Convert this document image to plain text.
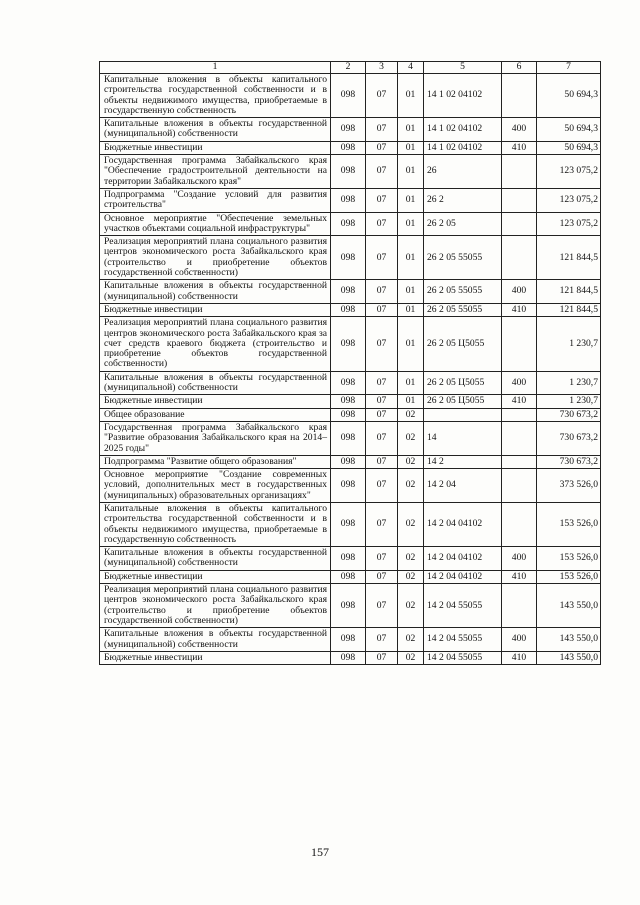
1	2	3	4	5	6	7
Капитальные вложения в объекты капитального строительства государственной собственности и в объекты недвижимого имущества, приобретаемые в государственную собственность	098	07	01	14 1 02 04102		50 694,3
Капитальные вложения в объекты государственной (муниципальной) собственности	098	07	01	14 1 02 04102	400	50 694,3
Бюджетные инвестиции	098	07	01	14 1 02 04102	410	50 694,3
Государственная программа Забайкальского края "Обеспечение градостроительной деятельности на территории Забайкальского края"	098	07	01	26		123 075,2
Подпрограмма "Создание условий для развития строительства"	098	07	01	26 2		123 075,2
Основное мероприятие "Обеспечение земельных участков объектами социальной инфраструктуры"	098	07	01	26 2 05		123 075,2
Реализация мероприятий плана социального развития центров экономического роста Забайкальского края (строительство и приобретение объектов государственной собственности)	098	07	01	26 2 05 55055		121 844,5
Капитальные вложения в объекты государственной (муниципальной) собственности	098	07	01	26 2 05 55055	400	121 844,5
Бюджетные инвестиции	098	07	01	26 2 05 55055	410	121 844,5
Реализация мероприятий плана социального развития центров экономического роста Забайкальского края за счет средств краевого бюджета (строительство и приобретение объектов государственной собственности)	098	07	01	26 2 05 Ц5055		1 230,7
Капитальные вложения в объекты государственной (муниципальной) собственности	098	07	01	26 2 05 Ц5055	400	1 230,7
Бюджетные инвестиции	098	07	01	26 2 05 Ц5055	410	1 230,7
Общее образование	098	07	02			730 673,2
Государственная программа Забайкальского края "Развитие образования Забайкальского края на 2014–2025 годы"	098	07	02	14		730 673,2
Подпрограмма "Развитие общего образования"	098	07	02	14 2		730 673,2
Основное мероприятие "Создание современных условий, дополнительных мест в государственных (муниципальных) образовательных организациях"	098	07	02	14 2 04		373 526,0
Капитальные вложения в объекты капитального строительства государственной собственности и в объекты недвижимого имущества, приобретаемые в государственную собственность	098	07	02	14 2 04 04102		153 526,0
Капитальные вложения в объекты государственной (муниципальной) собственности	098	07	02	14 2 04 04102	400	153 526,0
Бюджетные инвестиции	098	07	02	14 2 04 04102	410	153 526,0
Реализация мероприятий плана социального развития центров экономического роста Забайкальского края (строительство и приобретение объектов государственной собственности)	098	07	02	14 2 04 55055		143 550,0
Капитальные вложения в объекты государственной (муниципальной) собственности	098	07	02	14 2 04 55055	400	143 550,0
Бюджетные инвестиции	098	07	02	14 2 04 55055	410	143 550,0
157
